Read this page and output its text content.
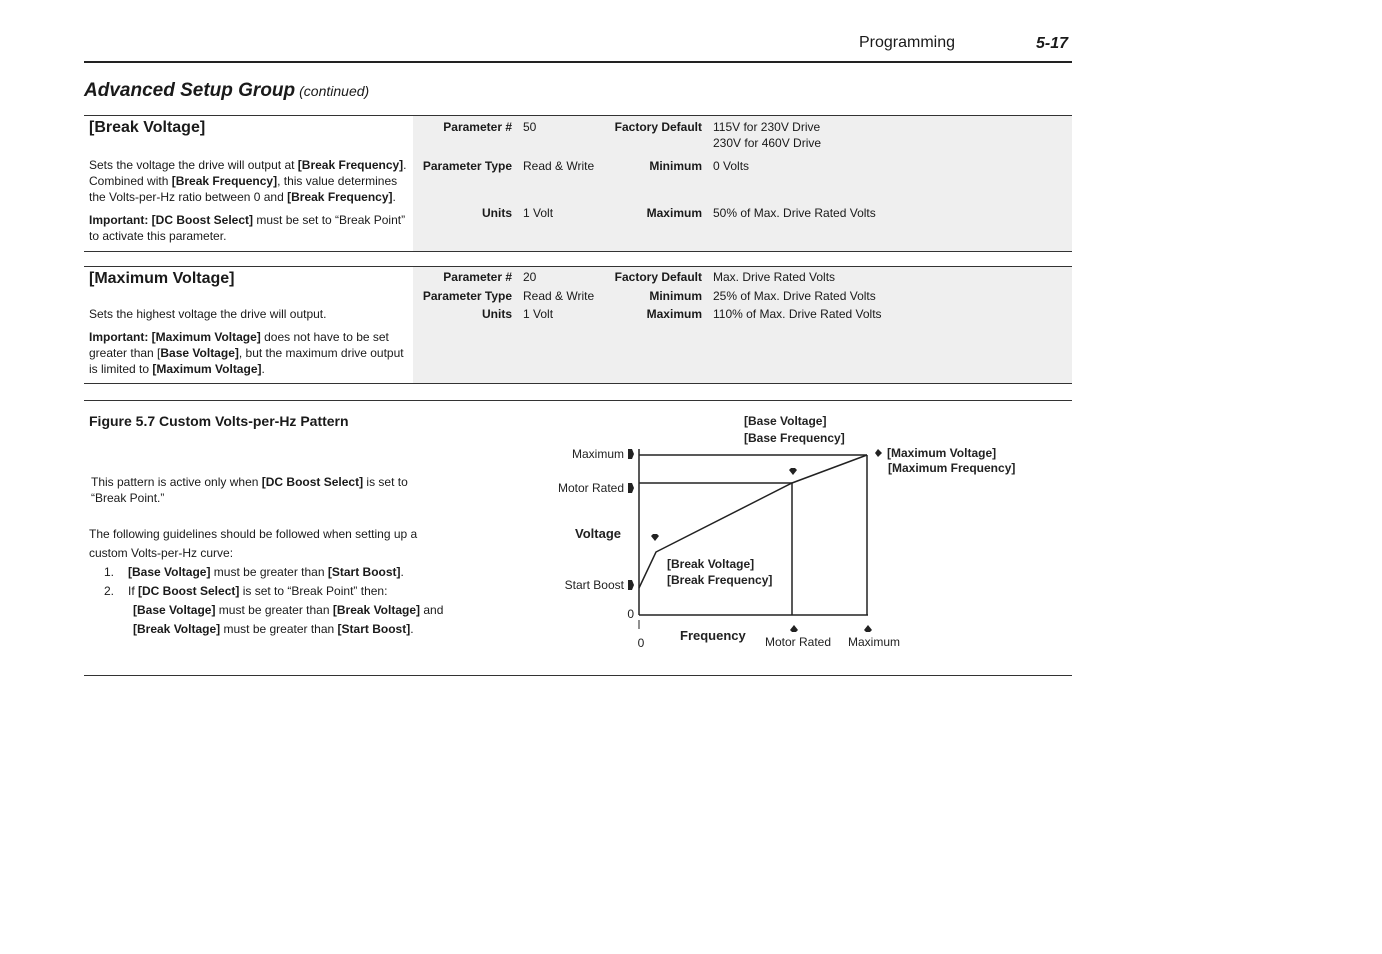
Programming	5-17
Advanced Setup Group (continued)
[Break Voltage]
Sets the voltage the drive will output at [Break Frequency]. Combined with [Break Frequency], this value determines the Volts-per-Hz ratio between 0 and [Break Frequency].
Important: [DC Boost Select] must be set to “Break Point” to activate this parameter.
Parameter # 50
Parameter Type Read & Write
Units 1 Volt
Factory Default 115V for 230V Drive
230V for 460V Drive
Minimum 0 Volts
Maximum 50% of Max. Drive Rated Volts
[Maximum Voltage]
Sets the highest voltage the drive will output.
Important: [Maximum Voltage] does not have to be set greater than [Base Voltage], but the maximum drive output is limited to [Maximum Voltage].
Parameter # 20
Parameter Type Read & Write
Units 1 Volt
Factory Default Max. Drive Rated Volts
Minimum 25% of Max. Drive Rated Volts
Maximum 110% of Max. Drive Rated Volts
Figure 5.7 Custom Volts-per-Hz Pattern
This pattern is active only when [DC Boost Select] is set to “Break Point.”
The following guidelines should be followed when setting up a custom Volts-per-Hz curve:
1. [Base Voltage] must be greater than [Start Boost].
2. If [DC Boost Select] is set to “Break Point” then:
[Base Voltage] must be greater than [Break Voltage] and
[Break Voltage] must be greater than [Start Boost].
Maximum
Motor Rated
Start Boost
0
Voltage
Frequency
0	Motor Rated Maximum
[Base Voltage]
[Base Frequency]
[Maximum Voltage]
[Maximum Frequency]
[Break Voltage]
[Break Frequency]
